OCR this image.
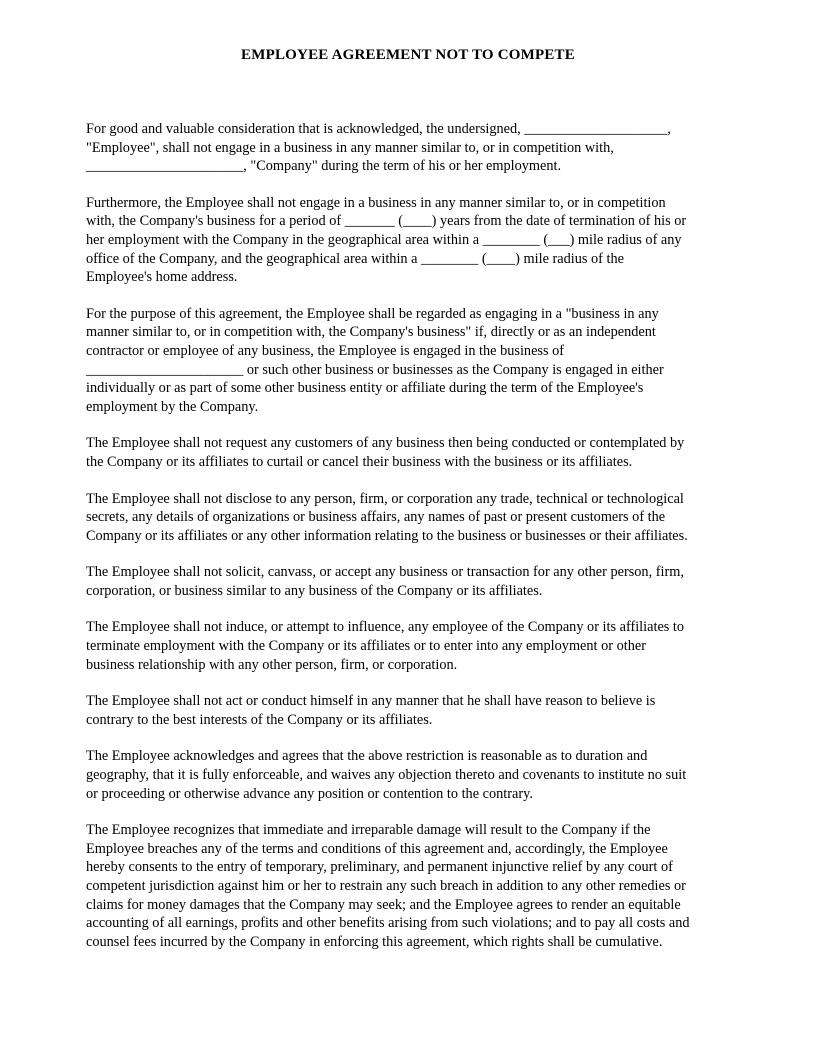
EMPLOYEE AGREEMENT NOT TO COMPETE

For good and valuable consideration that is acknowledged, the undersigned, ____________________,
"Employee", shall not engage in a business in any manner similar to, or in competition with,
______________________, "Company" during the term of his or her employment.

Furthermore, the Employee shall not engage in a business in any manner similar to, or in competition
with, the Company's business for a period of _______ (____) years from the date of termination of his or
her employment with the Company in the geographical area within a ________ (___) mile radius of any
office of the Company, and the geographical area within a ________ (____) mile radius of the
Employee's home address.

For the purpose of this agreement, the Employee shall be regarded as engaging in a "business in any
manner similar to, or in competition with, the Company's business" if, directly or as an independent
contractor or employee of any business, the Employee is engaged in the business of
______________________ or such other business or businesses as the Company is engaged in either
individually or as part of some other business entity or affiliate during the term of the Employee's
employment by the Company.

The Employee shall not request any customers of any business then being conducted or contemplated by
the Company or its affiliates to curtail or cancel their business with the business or its affiliates.

The Employee shall not disclose to any person, firm, or corporation any trade, technical or technological
secrets, any details of organizations or business affairs, any names of past or present customers of the
Company or its affiliates or any other information relating to the business or businesses or their affiliates.

The Employee shall not solicit, canvass, or accept any business or transaction for any other person, firm,
corporation, or business similar to any business of the Company or its affiliates.

The Employee shall not induce, or attempt to influence, any employee of the Company or its affiliates to
terminate employment with the Company or its affiliates or to enter into any employment or other
business relationship with any other person, firm, or corporation.

The Employee shall not act or conduct himself in any manner that he shall have reason to believe is
contrary to the best interests of the Company or its affiliates.

The Employee acknowledges and agrees that the above restriction is reasonable as to duration and
geography, that it is fully enforceable, and waives any objection thereto and covenants to institute no suit
or proceeding or otherwise advance any position or contention to the contrary.

The Employee recognizes that immediate and irreparable damage will result to the Company if the
Employee breaches any of the terms and conditions of this agreement and, accordingly, the Employee
hereby consents to the entry of temporary, preliminary, and permanent injunctive relief by any court of
competent jurisdiction against him or her to restrain any such breach in addition to any other remedies or
claims for money damages that the Company may seek; and the Employee agrees to render an equitable
accounting of all earnings, profits and other benefits arising from such violations; and to pay all costs and
counsel fees incurred by the Company in enforcing this agreement, which rights shall be cumulative.
